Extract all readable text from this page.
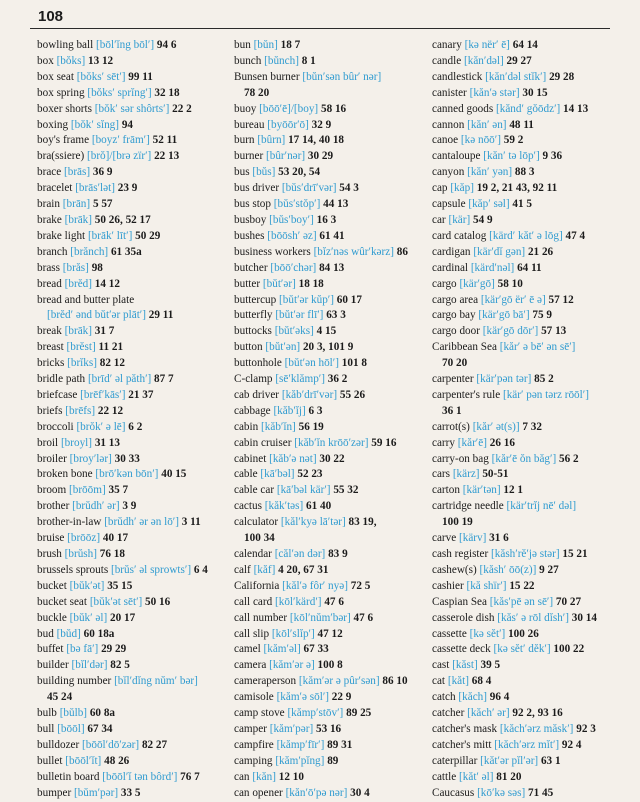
108
bowling ball [bōl′ĭng bōl′] 94 6
box [bŏks] 13 12
box seat [bŏks′ sēt′] 99 11
box spring [bŏks′ sprĭng′] 32 18
boxer shorts [bŏk′ sər shôrts′] 22 2
boxing [bŏk′ sĭng] 94
boy's frame [boyz′ frām′] 52 11
bra(ssiere) [brŏ]/[brə zïr′] 22 13
brace [brās] 36 9
bracelet [brās′lət] 23 9
brain [brān] 5 57
brake [brāk] 50 26, 52 17
brake light [brāk′ līt′] 50 29
branch [brănch] 61 35a
brass [brăs] 98
bread [brĕd] 14 12
bread and butter plate
[brĕd′ ənd bŭt′ər plāt′] 29 11
break [brāk] 31 7
breast [brĕst] 11 21
bricks [brĭks] 82 12
bridle path [brīd′ əl păth′] 87 7
briefcase [brēf′kās′] 21 37
briefs [brēfs] 22 12
broccoli [brŏk′ ə lē] 6 2
broil [broyl] 31 13
broiler [broy′lər] 30 33
broken bone [brō′kən bōn′] 40 15
broom [brōōm] 35 7
brother [brŭdh′ ər] 3 9
brother-in-law [brŭdh′ ər ən lō′] 3 11
bruise [brōōz] 40 17
brush [brŭsh] 76 18
brussels sprouts [brŭs′ əl sprowts′] 6 4
bucket [bŭk′ət] 35 15
bucket seat [bŭk′ət sēt′] 50 16
buckle [bŭk′ əl] 20 17
bud [bŭd] 60 18a
buffet [bə fā′] 29 29
builder [bĭl′dər] 82 5
building number [bĭl′dĭng nŭm′ bər]
45 24
bulb [bŭlb] 60 8a
bull [bōōl] 67 34
bulldozer [bōōl′dō′zər] 82 27
bullet [bōōl′ĭt] 48 26
bulletin board [bōōl′ĭ tən bôrd′] 76 7
bumper [bŭm′pər] 33 5
bun [bŭn] 18 7
bunch [bŭnch] 8 1
Bunsen burner [bŭn′sən bûr′ nər]
78 20
buoy [bōō′ē]/[boy] 58 16
bureau [byōōr′ō] 32 9
burn [bûrn] 17 14, 40 18
burner [bûr′nər] 30 29
bus [bŭs] 53 20, 54
bus driver [bŭs′drī′vər] 54 3
bus stop [bŭs′stŏp′] 44 13
busboy [bŭs′boy′] 16 3
bushes [bōōsh′ əz] 61 41
business workers [bĭz′nəs wûr′kərz] 86
butcher [bōō′chər] 84 13
butter [bŭt′ər] 18 18
buttercup [bŭt′ər kŭp′] 60 17
butterfly [bŭt′ər flī′] 63 3
buttocks [bŭt′əks] 4 15
button [bŭt′ən] 20 3, 101 9
buttonhole [bŭt′ən hōl′] 101 8
C-clamp [sē′klămp′] 36 2
cab driver [kăb′drī′vər] 55 26
cabbage [kăb′ĭj] 6 3
cabin [kăb′ĭn] 56 19
cabin cruiser [kăb′ĭn krōō′zər] 59 16
cabinet [kăb′ə nət] 30 22
cable [kā′bəl] 52 23
cable car [kā′bəl kär′] 55 32
cactus [kăk′təs] 61 40
calculator [kăl′kyə lā′tər] 83 19,
100 34
calendar [căl′ən dər] 83 9
calf [kăf] 4 20, 67 31
California [kăl′ə fôr′ nyə] 72 5
call card [kōl′kärd′] 47 6
call number [kōl′nŭm′bər] 47 6
call slip [kōl′slĭp′] 47 12
camel [kăm′əl] 67 33
camera [kăm′ər ə] 100 8
cameraperson [kăm′ər ə pûr′sən] 86 10
camisole [kăm′ə sōl′] 22 9
camp stove [kămp′stōv′] 89 25
camper [kăm′pər] 53 16
campfire [kămp′fīr′] 89 31
camping [kăm′pĭng] 89
can [kăn] 12 10
can opener [kăn′ō′pə nər] 30 4
canary [kə nër′ ē] 64 14
candle [kăn′dəl] 29 27
candlestick [kăn′dəl stĭk′] 29 28
canister [kăn′ə stər] 30 15
canned goods [kănd′ gŏōdz′] 14 13
cannon [kăn′ ən] 48 11
canoe [kə nōō′] 59 2
cantaloupe [kăn′ tə lōp′] 9 36
canyon [kăn′ yən] 88 3
cap [kăp] 19 2, 21 43, 92 11
capsule [kăp′ səl] 41 5
car [kär] 54 9
card catalog [kärd′ kăt′ ə lōg] 47 4
cardigan [kär′dĭ gən] 21 26
cardinal [kärd′nəl] 64 11
cargo [kär′gō] 58 10
cargo area [kär′gō ër′ ē ə] 57 12
cargo bay [kär′gō bā′] 75 9
cargo door [kär′gō dōr′] 57 13
Caribbean Sea [kăr′ ə bē′ ən sē′]
70 20
carpenter [kär′pən tər] 85 2
carpenter's rule [kär′ pən tərz rōōl′]
36 1
carrot(s) [kăr′ ət(s)] 7 32
carry [kăr′ē] 26 16
carry-on bag [kăr′ē ŏn băg′] 56 2
cars [kärz] 50-51
carton [kär′tən] 12 1
cartridge needle [kär′trĭj nē′ dəl]
100 19
carve [kärv] 31 6
cash register [kăsh′rĕ′jə stər] 15 21
cashew(s) [kăsh′ ōō(z)] 9 27
cashier [kă shïr′] 15 22
Caspian Sea [kăs′pē ən sē′] 70 27
casserole dish [kăs′ ə rōl dĭsh′] 30 14
cassette [kə sĕt′] 100 26
cassette deck [kə sĕt′ dĕk′] 100 22
cast [kăst] 39 5
cat [kăt] 68 4
catch [kăch] 96 4
catcher [kăch′ ər] 92 2, 93 16
catcher's mask [kăch′ərz măsk′] 92 3
catcher's mitt [kăch′ərz mĭt′] 92 4
caterpillar [kăt′ər pĭl′ər] 63 1
cattle [kăt′ əl] 81 20
Caucasus [kō′kə səs] 71 45
